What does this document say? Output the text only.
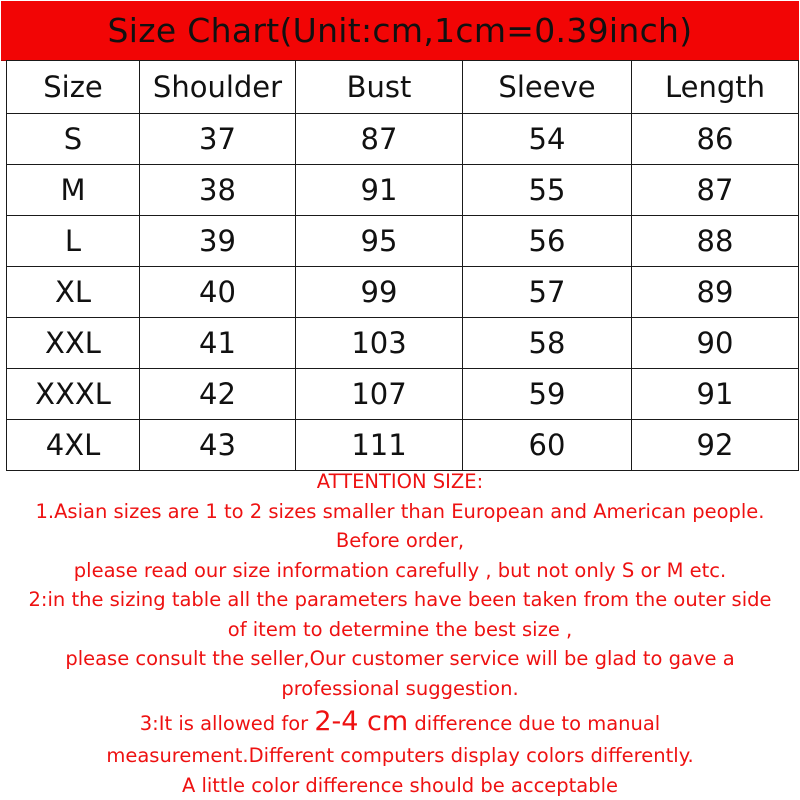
Size Chart(Unit:cm,1cm=0.39inch)
Size	Shoulder	Bust	Sleeve	Length
S	37	87	54	86
M	38	91	55	87
L	39	95	56	88
XL	40	99	57	89
XXL	41	103	58	90
XXXL	42	107	59	91
4XL	43	111	60	92
ATTENTION SIZE:
1.Asian sizes are 1 to 2 sizes smaller than European and American people.
Before order,
please read our size information carefully , but not only S or M etc.
2:in the sizing table all the parameters have been taken from the outer side
of item to determine the best size ,
please consult the seller,Our customer service will be glad to gave a
professional suggestion.
3:It is allowed for 2-4 cm difference due to manual
measurement.Different computers display colors differently.
A little color difference should be acceptable
